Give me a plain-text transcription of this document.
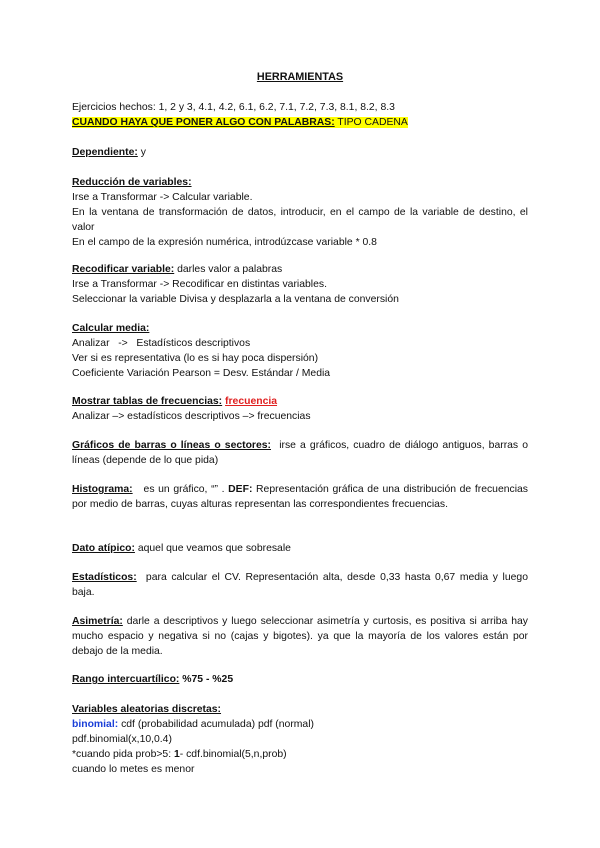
HERRAMIENTAS
Ejercicios hechos: 1, 2 y 3, 4.1, 4.2, 6.1, 6.2, 7.1, 7.2, 7.3, 8.1, 8.2, 8.3
CUANDO HAYA QUE PONER ALGO CON PALABRAS: TIPO CADENA
Dependiente: y
Reducción de variables:
Irse a Transformar -> Calcular variable.
En la ventana de transformación de datos, introducir, en el campo de la variable de destino, el valor
En el campo de la expresión numérica, introdúzcase variable * 0.8
Recodificar variable: darles valor a palabras
Irse a Transformar -> Recodificar en distintas variables.
Seleccionar la variable Divisa y desplazarla a la ventana de conversión
Calcular media:
Analizar   ->   Estadísticos descriptivos
Ver si es representativa (lo es si hay poca dispersión)
Coeficiente Variación Pearson = Desv. Estándar / Media
Mostrar tablas de frecuencias: frecuencia
Analizar –> estadísticos descriptivos –> frecuencias
Gráficos de barras o líneas o sectores:  irse a gráficos, cuadro de diálogo antiguos, barras o líneas (depende de lo que pida)
Histograma:   es un gráfico, “” . DEF: Representación gráfica de una distribución de frecuencias por medio de barras, cuyas alturas representan las correspondientes frecuencias.
Dato atípico: aquel que veamos que sobresale
Estadísticos:  para calcular el CV. Representación alta, desde 0,33 hasta 0,67 media y luego baja.
Asimetría: darle a descriptivos y luego seleccionar asimetría y curtosis, es positiva si arriba hay mucho espacio y negativa si no (cajas y bigotes). ya que la mayoría de los valores están por debajo de la media.
Rango intercuartílico: %75 - %25
Variables aleatorias discretas:
binomial: cdf (probabilidad acumulada) pdf (normal)
pdf.binomial(x,10,0.4)
*cuando pida prob>5: 1- cdf.binomial(5,n,prob)
cuando lo metes es menor
